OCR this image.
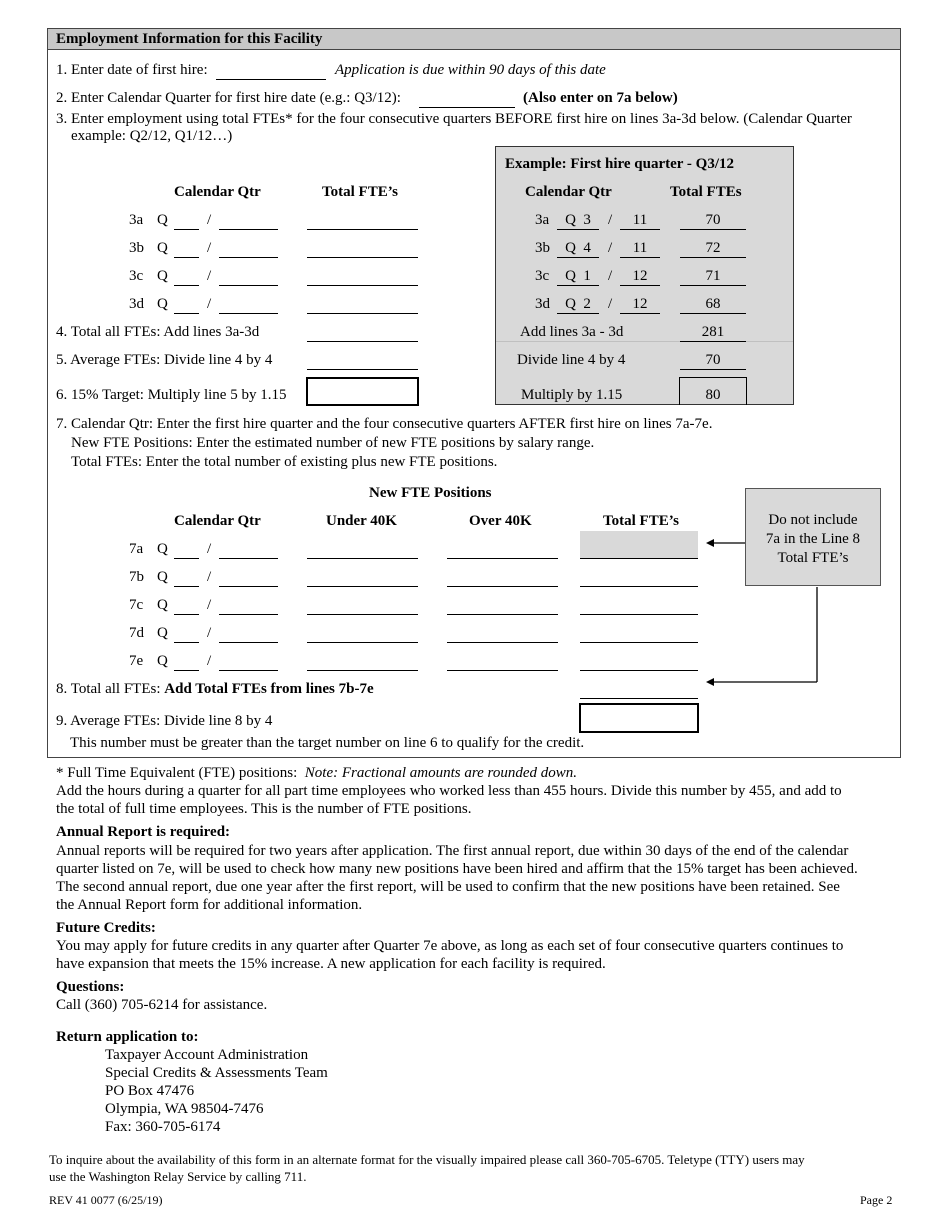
Employment Information for this Facility
1. Enter date of first hire:	Application is due within 90 days of this date
2. Enter Calendar Quarter for first hire date (e.g.: Q3/12):	(Also enter on 7a below)
3. Enter employment using total FTEs* for the four consecutive quarters BEFORE first hire on lines 3a-3d below. (Calendar Quarter
example: Q2/12, Q1/12…)
Calendar Qtr	Total FTE’s
3a Q	/
3b Q	/
3c Q	/
3d Q	/
4. Total all FTEs: Add lines 3a-3d
5. Average FTEs: Divide line 4 by 4
6. 15% Target: Multiply line 5 by 1.15
Example: First hire quarter - Q3/12
Calendar Qtr	Total FTEs
3a	Q 3	/	11	70
3b	Q 4	/	11	72
3c	Q 1	/	12	71
3d	Q 2	/	12	68
Add lines 3a - 3d	281
Divide line 4 by 4	70
Multiply by 1.15	80
7. Calendar Qtr: Enter the first hire quarter and the four consecutive quarters AFTER first hire on lines 7a-7e.
New FTE Positions: Enter the estimated number of new FTE positions by salary range.
Total FTEs: Enter the total number of existing plus new FTE positions.
New FTE Positions
Calendar Qtr	Under 40K	Over 40K	Total FTE’s
7a Q	/
7b Q	/
7c Q	/
7d Q	/
7e Q	/
Do not include
7a in the Line 8
Total FTE’s
8. Total all FTEs: Add Total FTEs from lines 7b-7e
9. Average FTEs: Divide line 8 by 4
This number must be greater than the target number on line 6 to qualify for the credit.
* Full Time Equivalent (FTE) positions: Note: Fractional amounts are rounded down.
Add the hours during a quarter for all part time employees who worked less than 455 hours. Divide this number by 455, and add to
the total of full time employees. This is the number of FTE positions.
Annual Report is required:
Annual reports will be required for two years after application. The first annual report, due within 30 days of the end of the calendar
quarter listed on 7e, will be used to check how many new positions have been hired and affirm that the 15% target has been achieved.
The second annual report, due one year after the first report, will be used to confirm that the new positions have been retained. See
the Annual Report form for additional information.
Future Credits:
You may apply for future credits in any quarter after Quarter 7e above, as long as each set of four consecutive quarters continues to
have expansion that meets the 15% increase. A new application for each facility is required.
Questions:
Call (360) 705-6214 for assistance.
Return application to:
Taxpayer Account Administration
Special Credits & Assessments Team
PO Box 47476
Olympia, WA 98504-7476
Fax: 360-705-6174
To inquire about the availability of this form in an alternate format for the visually impaired please call 360-705-6705. Teletype (TTY) users may
use the Washington Relay Service by calling 711.
REV 41 0077 (6/25/19)	Page 2
